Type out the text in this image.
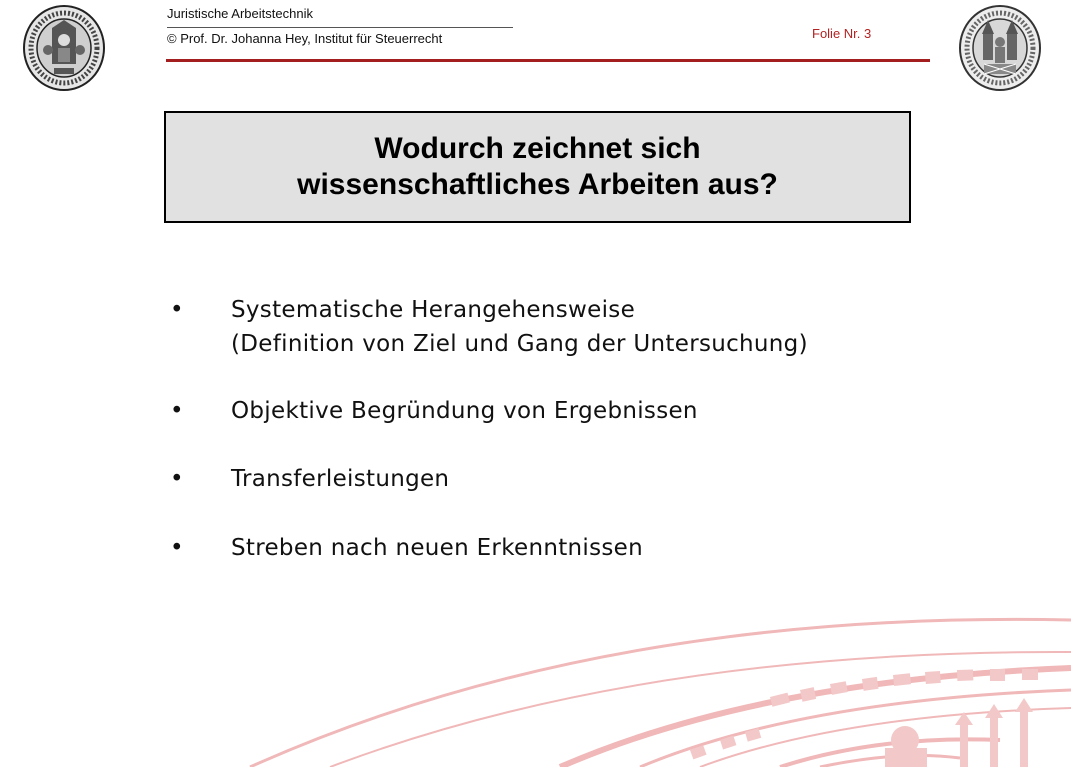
Juristische Arbeitstechnik
© Prof. Dr. Johanna Hey, Institut für Steuerrecht	Folie Nr. 3
Wodurch zeichnet sich
wissenschaftliches Arbeiten aus?
• Systematische Herangehensweise
(Definition von Ziel und Gang der Untersuchung)
• Objektive Begründung von Ergebnissen
• Transferleistungen
• Streben nach neuen Erkenntnissen
